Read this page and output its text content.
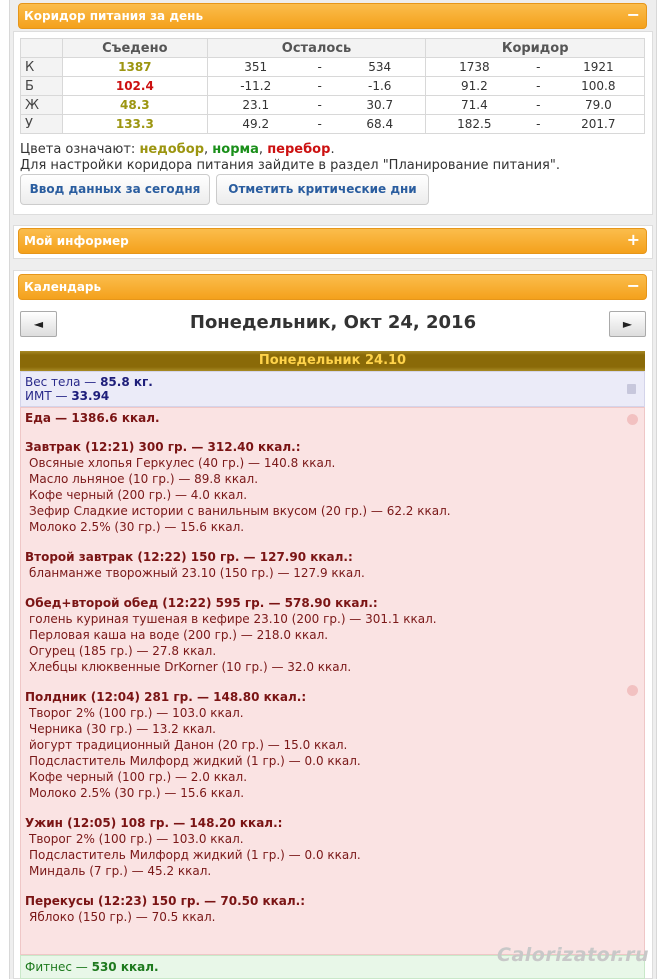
Коридор питания за день	−
	Съедено	Осталось	Коридор
К	1387	351 - 534	1738 - 1921
Б	102.4	-11.2 - -1.6	91.2 - 100.8
Ж	48.3	23.1 - 30.7	71.4 - 79.0
У	133.3	49.2 - 68.4	182.5 - 201.7
Цвета означают: недобор, норма, перебор.
Для настройки коридора питания зайдите в раздел "Планирование питания".
Ввод данных за сегодня	Отметить критические дни
Мой информер	+
Календарь	−
◄	Понедельник, Окт 24, 2016	►
Понедельник 24.10
Вес тела — 85.8 кг.
ИМТ — 33.94
Еда — 1386.6 ккал.
Завтрак (12:21) 300 гр. — 312.40 ккал.:
Овсяные хлопья Геркулес (40 гр.) — 140.8 ккал.
Масло льняное (10 гр.) — 89.8 ккал.
Кофе черный (200 гр.) — 4.0 ккал.
Зефир Сладкие истории с ванильным вкусом (20 гр.) — 62.2 ккал.
Молоко 2.5% (30 гр.) — 15.6 ккал.
Второй завтрак (12:22) 150 гр. — 127.90 ккал.:
бланманже творожный 23.10 (150 гр.) — 127.9 ккал.
Обед+второй обед (12:22) 595 гр. — 578.90 ккал.:
голень куриная тушеная в кефире 23.10 (200 гр.) — 301.1 ккал.
Перловая каша на воде (200 гр.) — 218.0 ккал.
Огурец (185 гр.) — 27.8 ккал.
Хлебцы клюквенные DrKorner (10 гр.) — 32.0 ккал.
Полдник (12:04) 281 гр. — 148.80 ккал.:
Творог 2% (100 гр.) — 103.0 ккал.
Черника (30 гр.) — 13.2 ккал.
йогурт традиционный Данон (20 гр.) — 15.0 ккал.
Подсластитель Милфорд жидкий (1 гр.) — 0.0 ккал.
Кофе черный (100 гр.) — 2.0 ккал.
Молоко 2.5% (30 гр.) — 15.6 ккал.
Ужин (12:05) 108 гр. — 148.20 ккал.:
Творог 2% (100 гр.) — 103.0 ккал.
Подсластитель Милфорд жидкий (1 гр.) — 0.0 ккал.
Миндаль (7 гр.) — 45.2 ккал.
Перекусы (12:23) 150 гр. — 70.50 ккал.:
Яблоко (150 гр.) — 70.5 ккал.
Фитнес — 530 ккал.
Calorizator.ru
